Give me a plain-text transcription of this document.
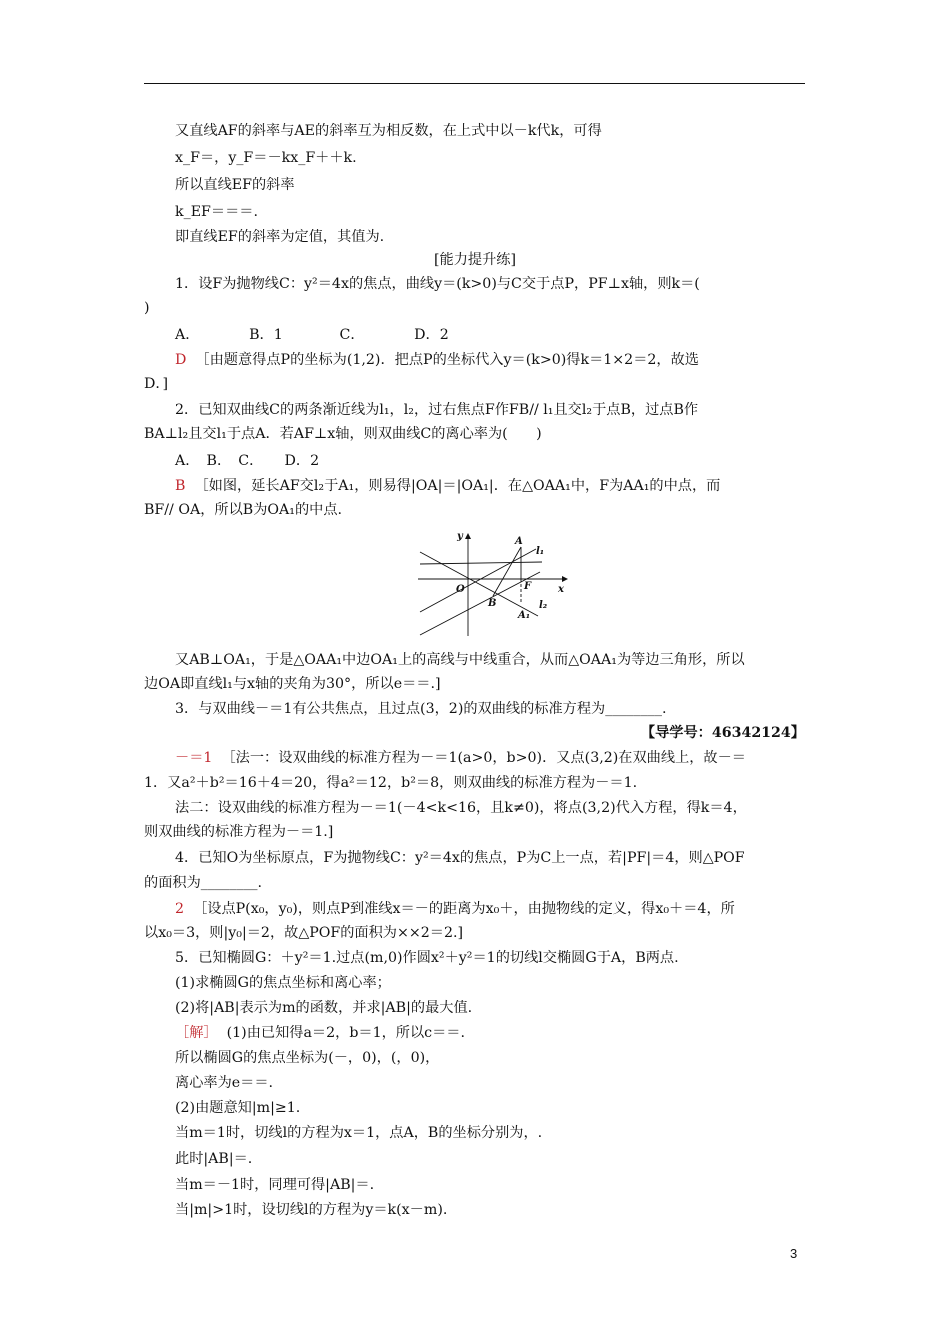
又直线AF的斜率与AE的斜率互为相反数，在上式中以－k代k，可得
x_F＝，y_F＝－kx_F＋＋k.
所以直线EF的斜率
k_EF＝＝＝.
即直线EF的斜率为定值，其值为.
[能力提升练]
1．设F为抛物线C：y²＝4x的焦点，曲线y＝(k>0)与C交于点P，PF⊥x轴，则k＝(
)
A．　　　　B．1　　　　C．　　　　D．2
D ［由题意得点P的坐标为(1,2)．把点P的坐标代入y＝(k>0)得k＝1×2＝2，故选
D．]
2．已知双曲线C的两条渐近线为l₁，l₂，过右焦点F作FB// l₁且交l₂于点B，过点B作
BA⊥l₂且交l₁于点A．若AF⊥x轴，则双曲线C的离心率为(　　)
A．　B．　C．　　D．2
B ［如图，延长AF交l₂于A₁，则易得|OA|＝|OA₁|．在△OAA₁中，F为AA₁的中点，而
BF// OA，所以B为OA₁的中点.
y
x
O
A
F
B
A₁
l₁
l₂
又AB⊥OA₁，于是△OAA₁中边OA₁上的高线与中线重合，从而△OAA₁为等边三角形，所以
边OA即直线l₁与x轴的夹角为30°，所以e＝＝.]
3．与双曲线－＝1有公共焦点，且过点(3，2)的双曲线的标准方程为________.
【导学号：46342124】
－＝1 ［法一：设双曲线的标准方程为－＝1(a>0，b>0)．又点(3,2)在双曲线上，故－＝
1．又a²＋b²＝16＋4＝20，得a²＝12，b²＝8，则双曲线的标准方程为－＝1.
法二：设双曲线的标准方程为－＝1(－4<k<16，且k≠0)，将点(3,2)代入方程，得k＝4，
则双曲线的标准方程为－＝1.]
4．已知O为坐标原点，F为抛物线C：y²＝4x的焦点，P为C上一点，若|PF|＝4，则△POF
的面积为________.
2 ［设点P(x₀，y₀)，则点P到准线x＝－的距离为x₀＋，由抛物线的定义，得x₀＋＝4，所
以x₀＝3，则|y₀|＝2，故△POF的面积为××2＝2.]
5．已知椭圆G：＋y²＝1.过点(m,0)作圆x²＋y²＝1的切线l交椭圆G于A，B两点.
(1)求椭圆G的焦点坐标和离心率；
(2)将|AB|表示为m的函数，并求|AB|的最大值.
［解］ (1)由已知得a＝2，b＝1，所以c＝＝.
所以椭圆G的焦点坐标为(－，0)，(，0)，
离心率为e＝＝.
(2)由题意知|m|≥1.
当m＝1时，切线l的方程为x＝1，点A，B的坐标分别为，.
此时|AB|＝.
当m＝－1时，同理可得|AB|＝.
当|m|>1时，设切线l的方程为y＝k(x－m).
3
